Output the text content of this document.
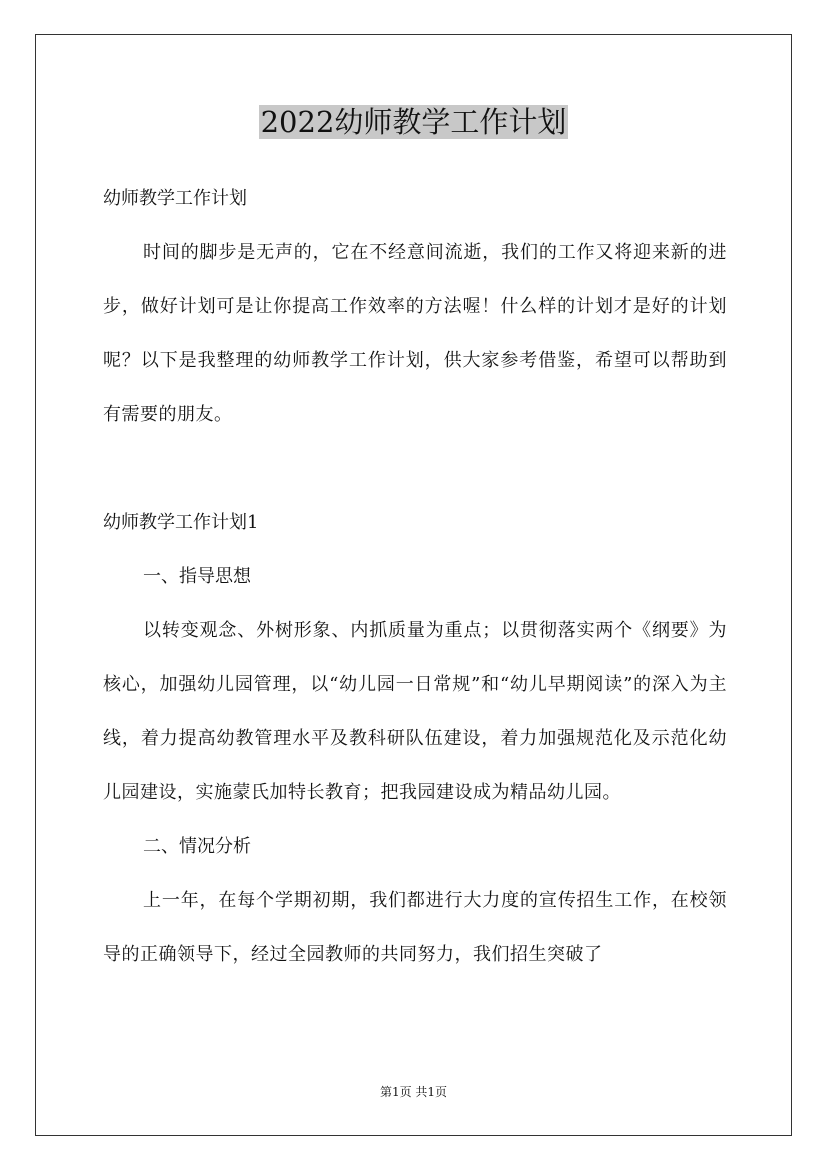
2022幼师教学工作计划

幼师教学工作计划

时间的脚步是无声的，它在不经意间流逝，我们的工作又将迎来新的进步，做好计划可是让你提高工作效率的方法喔！什么样的计划才是好的计划呢？以下是我整理的幼师教学工作计划，供大家参考借鉴，希望可以帮助到有需要的朋友。

幼师教学工作计划1

一、指导思想

以转变观念、外树形象、内抓质量为重点；以贯彻落实两个《纲要》为核心，加强幼儿园管理，以“幼儿园一日常规”和“幼儿早期阅读”的深入为主线，着力提高幼教管理水平及教科研队伍建设，着力加强规范化及示范化幼儿园建设，实施蒙氏加特长教育；把我园建设成为精品幼儿园。

二、情况分析

上一年，在每个学期初期，我们都进行大力度的宣传招生工作，在校领导的正确领导下，经过全园教师的共同努力，我们招生突破了

第1页 共1页
